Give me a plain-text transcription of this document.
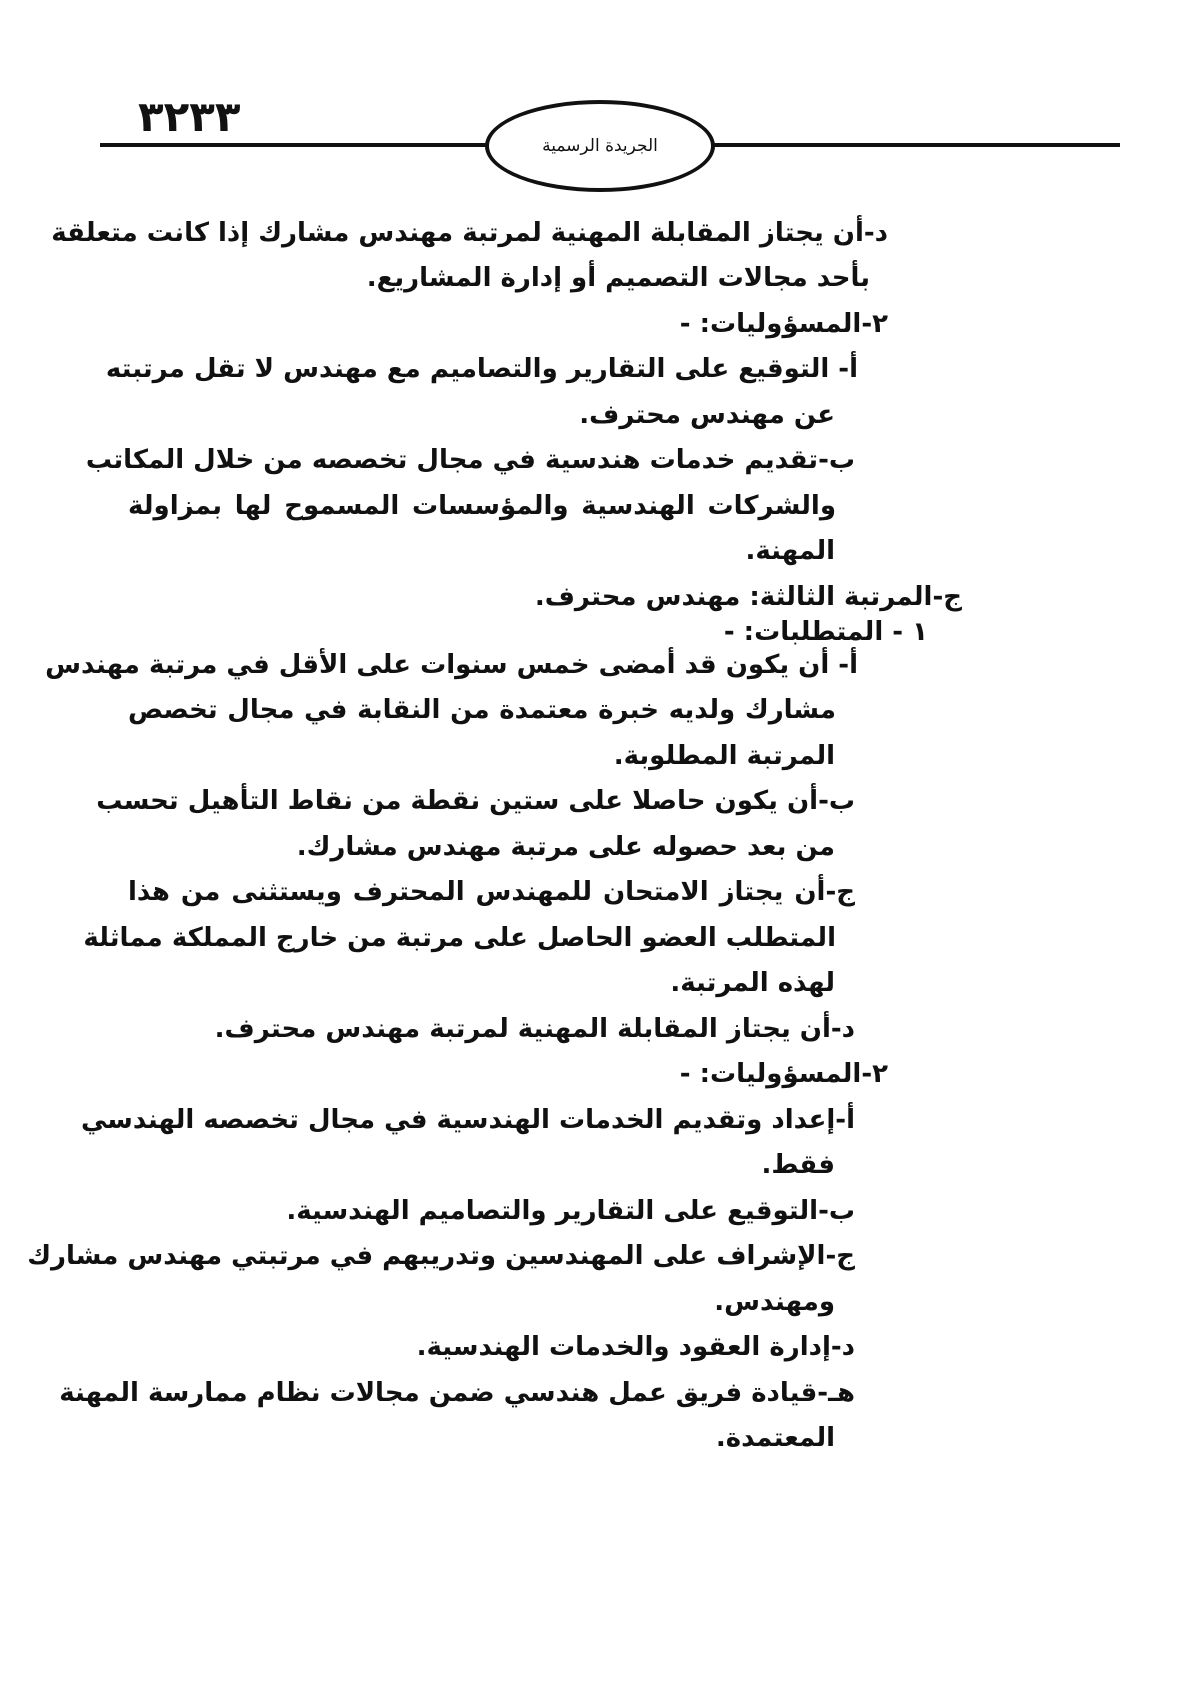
٣٢٣٣
الجريدة الرسمية
د-أن يجتاز المقابلة المهنية لمرتبة مهندس مشارك إذا كانت متعلقة
بأحد مجالات التصميم أو إدارة المشاريع.
٢-المسؤوليات: -
أ- التوقيع على التقارير والتصاميم مع مهندس لا تقل مرتبته
عن مهندس محترف.
ب-تقديم خدمات هندسية في مجال تخصصه من خلال المكاتب
والشركات الهندسية والمؤسسات المسموح لها بمزاولة
المهنة.
ج-المرتبة الثالثة: مهندس محترف.
١ - المتطلبات: -
أ- أن يكون قد أمضى خمس سنوات على الأقل في مرتبة مهندس
مشارك ولديه خبرة معتمدة من النقابة في مجال تخصص
المرتبة المطلوبة.
ب-أن يكون حاصلا على ستين نقطة من نقاط التأهيل تحسب
من بعد حصوله على مرتبة مهندس مشارك.
ج-أن يجتاز الامتحان للمهندس المحترف ويستثنى من هذا
المتطلب العضو الحاصل على مرتبة من خارج المملكة مماثلة
لهذه المرتبة.
د-أن يجتاز المقابلة المهنية لمرتبة مهندس محترف.
٢-المسؤوليات: -
أ-إعداد وتقديم الخدمات الهندسية في مجال تخصصه الهندسي
فقط.
ب-التوقيع على التقارير والتصاميم الهندسية.
ج-الإشراف على المهندسين وتدريبهم في مرتبتي مهندس مشارك
ومهندس.
د-إدارة العقود والخدمات الهندسية.
هـ-قيادة فريق عمل هندسي ضمن مجالات نظام ممارسة المهنة
المعتمدة.
